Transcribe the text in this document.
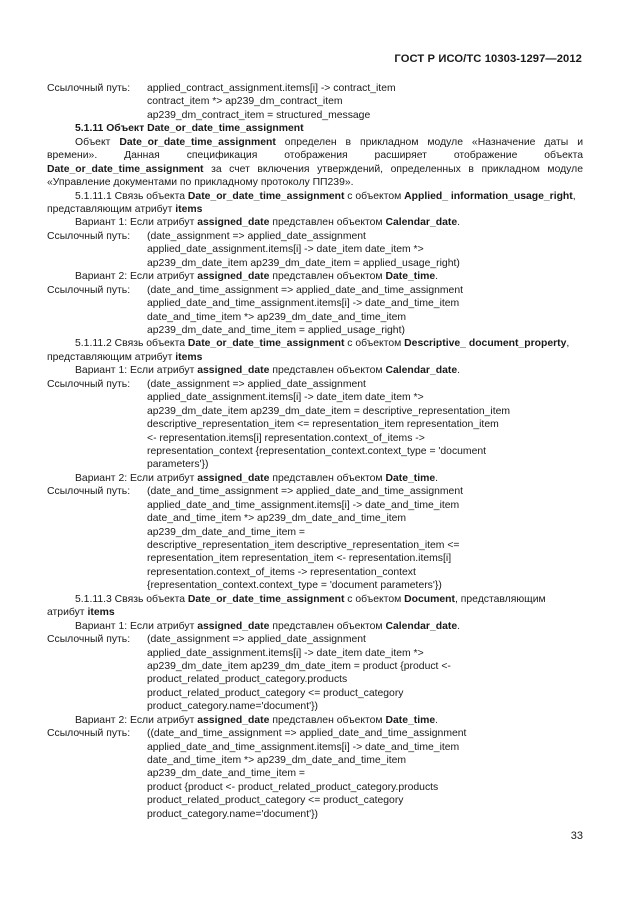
ГОСТ Р ИСО/ТС 10303-1297—2012
Ссылочный путь:	applied_contract_assignment.items[i] -> contract_item
contract_item *> ap239_dm_contract_item
ap239_dm_contract_item = structured_message
5.1.11 Объект Date_or_date_time_assignment
Объект Date_or_date_time_assignment определен в прикладном модуле «Назначение даты и времени». Данная спецификация отображения расширяет отображение объекта Date_or_date_time_assignment за счет включения утверждений, определенных в прикладном модуле «Управление документами по прикладному протоколу ПП239».
5.1.11.1 Связь объекта Date_or_date_time_assignment с объектом Applied_ information_usage_right,
представляющим атрибут items
Вариант 1: Если атрибут assigned_date представлен объектом Calendar_date.
Ссылочный путь:	(date_assignment => applied_date_assignment
applied_date_assignment.items[i] -> date_item date_item *>
ap239_dm_date_item ap239_dm_date_item = applied_usage_right)
Вариант 2: Если атрибут assigned_date представлен объектом Date_time.
Ссылочный путь:	(date_and_time_assignment => applied_date_and_time_assignment
applied_date_and_time_assignment.items[i] -> date_and_time_item
date_and_time_item *> ap239_dm_date_and_time_item
ap239_dm_date_and_time_item = applied_usage_right)
5.1.11.2 Связь объекта Date_or_date_time_assignment с объектом Descriptive_ document_property,
представляющим атрибут items
Вариант 1: Если атрибут assigned_date представлен объектом Calendar_date.
Ссылочный путь:	(date_assignment => applied_date_assignment
applied_date_assignment.items[i] -> date_item date_item *>
ap239_dm_date_item ap239_dm_date_item = descriptive_representation_item
descriptive_representation_item <= representation_item representation_item
<- representation.items[i] representation.context_of_items ->
representation_context {representation_context.context_type = 'document
parameters'})
Вариант 2: Если атрибут assigned_date представлен объектом Date_time.
Ссылочный путь:	(date_and_time_assignment => applied_date_and_time_assignment
applied_date_and_time_assignment.items[i] -> date_and_time_item
date_and_time_item *> ap239_dm_date_and_time_item
ap239_dm_date_and_time_item =
descriptive_representation_item descriptive_representation_item <=
representation_item representation_item <- representation.items[i]
representation.context_of_items -> representation_context
{representation_context.context_type = 'document parameters'})
5.1.11.3 Связь объекта Date_or_date_time_assignment с объектом Document, представляющим
атрибут items
Вариант 1: Если атрибут assigned_date представлен объектом Calendar_date.
Ссылочный путь:	(date_assignment => applied_date_assignment
applied_date_assignment.items[i] -> date_item date_item *>
ap239_dm_date_item ap239_dm_date_item = product {product <-
product_related_product_category.products
product_related_product_category <= product_category
product_category.name='document'})
Вариант 2: Если атрибут assigned_date представлен объектом Date_time.
Ссылочный путь:	((date_and_time_assignment => applied_date_and_time_assignment
applied_date_and_time_assignment.items[i] -> date_and_time_item
date_and_time_item *> ap239_dm_date_and_time_item
ap239_dm_date_and_time_item =
product {product <- product_related_product_category.products
product_related_product_category <= product_category
product_category.name='document'})
33
